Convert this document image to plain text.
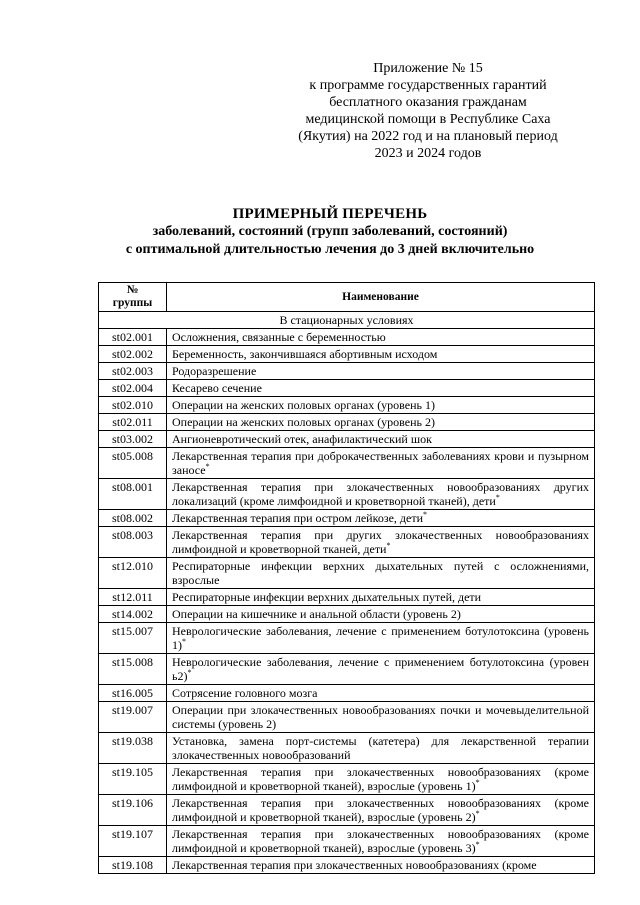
Приложение № 15
к программе государственных гарантий
бесплатного оказания гражданам
медицинской помощи в Республике Саха
(Якутия) на 2022 год и на плановый период
2023 и 2024 годов
ПРИМЕРНЫЙ ПЕРЕЧЕНЬ
заболеваний, состояний (групп заболеваний, состояний)
с оптимальной длительностью лечения до 3 дней включительно
№
группы	Наименование
В стационарных условиях	
st02.001	Осложнения, связанные с беременностью
st02.002	Беременность, закончившаяся абортивным исходом
st02.003	Родоразрешение
st02.004	Кесарево сечение
st02.010	Операции на женских половых органах (уровень 1)
st02.011	Операции на женских половых органах (уровень 2)
st03.002	Ангионевротический отек, анафилактический шок
st05.008	Лекарственная терапия при доброкачественных заболеваниях крови и пузырном заносе*
st08.001	Лекарственная терапия при злокачественных новообразованиях других локализаций (кроме лимфоидной и кроветворной тканей), дети*
st08.002	Лекарственная терапия при остром лейкозе, дети*
st08.003	Лекарственная терапия при других злокачественных новообразованиях лимфоидной и кроветворной тканей, дети*
st12.010	Респираторные инфекции верхних дыхательных путей с осложнениями, взрослые
st12.011	Респираторные инфекции верхних дыхательных путей, дети
st14.002	Операции на кишечнике и анальной области (уровень 2)
st15.007	Неврологические заболевания, лечение с применением ботулотоксина (уровень 1)*
st15.008	Неврологические заболевания, лечение с применением ботулотоксина (уровен ь2)*
st16.005	Сотрясение головного мозга
st19.007	Операции при злокачественных новообразованиях почки и мочевыделительной системы (уровень 2)
st19.038	Установка, замена порт-системы (катетера) для лекарственной терапии злокачественных новообразований
st19.105	Лекарственная терапия при злокачественных новообразованиях (кроме лимфоидной и кроветворной тканей), взрослые (уровень 1)*
st19.106	Лекарственная терапия при злокачественных новообразованиях (кроме лимфоидной и кроветворной тканей), взрослые (уровень 2)*
st19.107	Лекарственная терапия при злокачественных новообразованиях (кроме лимфоидной и кроветворной тканей), взрослые (уровень 3)*
st19.108	Лекарственная терапия при злокачественных новообразованиях (кроме
